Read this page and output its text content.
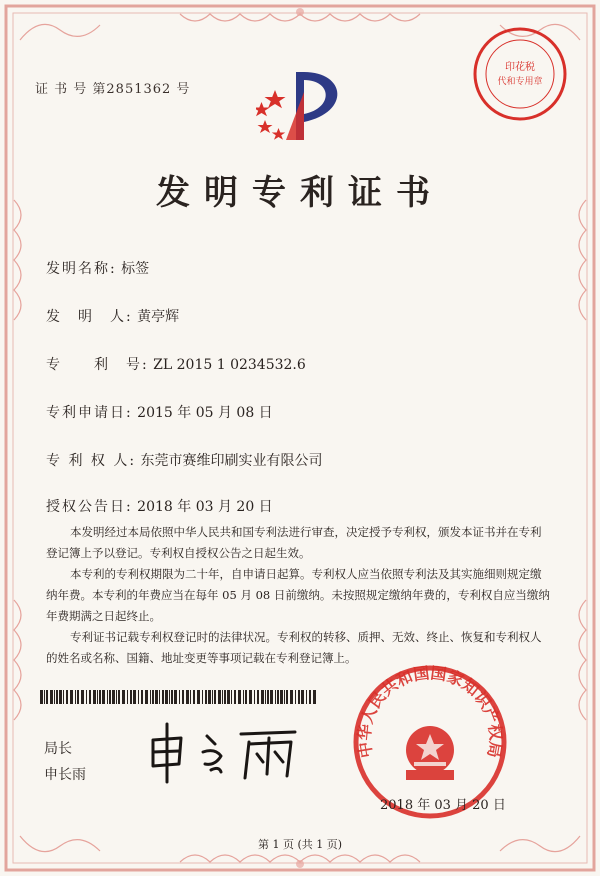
证 书 号 第2851362 号
印花税
代和专用章
发明专利证书
发明名称: 标签
发　明　人: 黄亭辉
专　　利　号: ZL 2015 1 0234532.6
专利申请日: 2015 年 05 月 08 日
专 利 权 人: 东莞市赛维印刷实业有限公司
授权公告日: 2018 年 03 月 20 日

本发明经过本局依照中华人民共和国专利法进行审查，决定授予专利权，颁发本证书并在专利登记簿上予以登记。专利权自授权公告之日起生效。

本专利的专利权期限为二十年，自申请日起算。专利权人应当依照专利法及其实施细则规定缴纳年费。本专利的年费应当在每年 05 月 08 日前缴纳。未按照规定缴纳年费的，专利权自应当缴纳年费期满之日起终止。

专利证书记载专利权登记时的法律状况。专利权的转移、质押、无效、终止、恢复和专利权人的姓名或名称、国籍、地址变更等事项记载在专利登记簿上。

局长
申长雨
中华人民共和国国家知识产权局
2018 年 03 月 20 日
第 1 页 (共 1 页)
